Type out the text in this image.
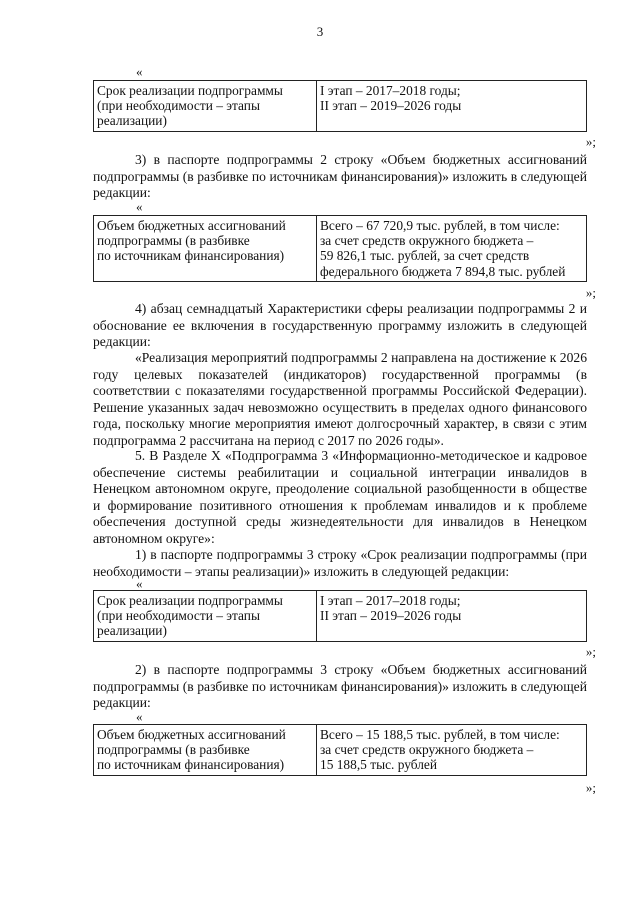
3
«
Срок реализации подпрограммы
(при необходимости – этапы
реализации)

I этап – 2017–2018 годы;
II этап – 2019–2026 годы
»;

3) в паспорте подпрограммы 2 строку «Объем бюджетных ассигнований подпрограммы (в разбивке по источникам финансирования)» изложить в следующей редакции:

«
Объем бюджетных ассигнований
подпрограммы (в разбивке
по источникам финансирования)

Всего – 67 720,9 тыс. рублей, в том числе:
за счет средств окружного бюджета –
59 826,1 тыс. рублей, за счет средств
федерального бюджета 7 894,8 тыс. рублей
»;

4) абзац семнадцатый Характеристики сферы реализации подпрограммы 2 и обоснование ее включения в государственную программу изложить в следующей редакции:

«Реализация мероприятий подпрограммы 2 направлена на достижение к 2026 году целевых показателей (индикаторов) государственной программы (в соответствии с показателями государственной программы Российской Федерации). Решение указанных задач невозможно осуществить в пределах одного финансового года, поскольку многие мероприятия имеют долгосрочный характер, в связи с этим подпрограмма 2 рассчитана на период с 2017 по 2026 годы».

5. В Разделе X «Подпрограмма 3 «Информационно-методическое и кадровое обеспечение системы реабилитации и социальной интеграции инвалидов в Ненецком автономном округе, преодоление социальной разобщенности в обществе и формирование позитивного отношения к проблемам инвалидов и к проблеме обеспечения доступной среды жизнедеятельности для инвалидов в Ненецком автономном округе»:

1) в паспорте подпрограммы 3 строку «Срок реализации подпрограммы (при необходимости – этапы реализации)» изложить в следующей редакции:

«
Срок реализации подпрограммы
(при необходимости – этапы
реализации)

I этап – 2017–2018 годы;
II этап – 2019–2026 годы
»;

2) в паспорте подпрограммы 3 строку «Объем бюджетных ассигнований подпрограммы (в разбивке по источникам финансирования)» изложить в следующей редакции:

«
Объем бюджетных ассигнований
подпрограммы (в разбивке
по источникам финансирования)

Всего – 15 188,5 тыс. рублей, в том числе:
за счет средств окружного бюджета –
15 188,5 тыс. рублей
»;
